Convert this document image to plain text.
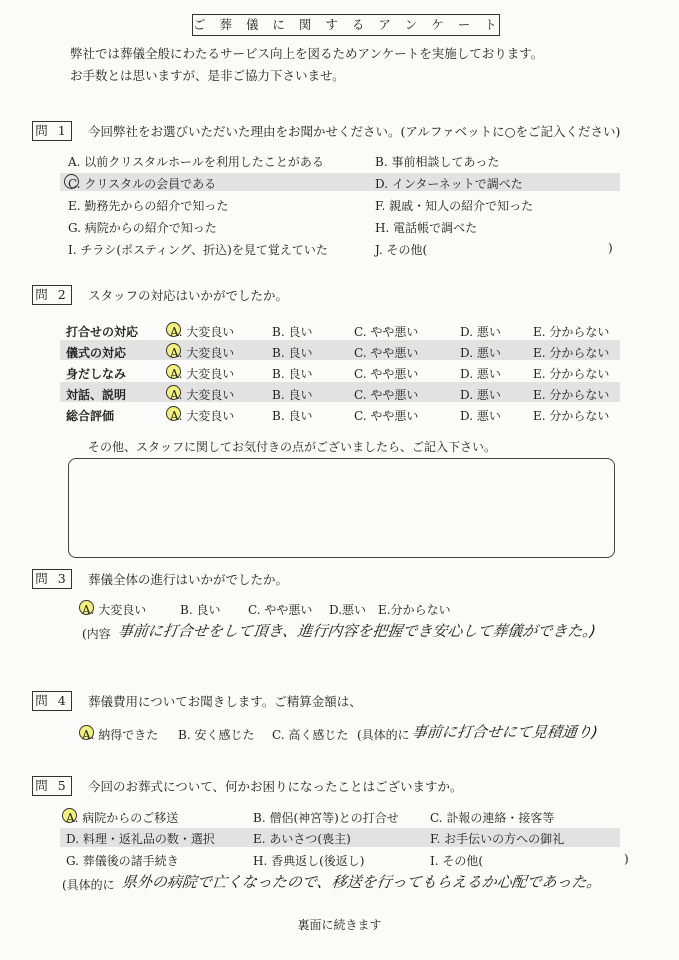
ご 葬 儀 に 関 す る ア ン ケ ー ト
弊社では葬儀全般にわたるサービス向上を図るためアンケートを実施しております。
お手数とは思いますが、是非ご協力下さいませ。
問 1 今回弊社をお選びいただいた理由をお聞かせください。(アルファベットに○をご記入ください)
A. 以前クリスタルホールを利用したことがある	B. 事前相談してあった
C. クリスタルの会員である	D. インターネットで調べた
E. 勤務先からの紹介で知った	F. 親戚・知人の紹介で知った
G. 病院からの紹介で知った	H. 電話帳で調べた
I. チラシ(ポスティング、折込)を見て覚えていた	J. その他(	)
問 2 スタッフの対応はいかがでしたか。
打合せの対応	A. 大変良い	B. 良い	C. やや悪い	D. 悪い	E. 分からない
儀式の対応	A. 大変良い	B. 良い	C. やや悪い	D. 悪い	E. 分からない
身だしなみ	A. 大変良い	B. 良い	C. やや悪い	D. 悪い	E. 分からない
対話、説明	A. 大変良い	B. 良い	C. やや悪い	D. 悪い	E. 分からない
総合評価	A. 大変良い	B. 良い	C. やや悪い	D. 悪い	E. 分からない
その他、スタッフに関してお気付きの点がございましたら、ご記入下さい。
問 3 葬儀全体の進行はいかがでしたか。
A. 大変良い	B. 良い C. やや悪い D.悪い E.分からない
(内容 事前に打合せをして頂き、進行内容を把握でき安心して葬儀ができた。)
問 4 葬儀費用についてお聞きします。ご精算金額は、
A. 納得できた B. 安く感じた C. 高く感じた (具体的に 事前に打合せにて見積通り)
問 5 今回のお葬式について、何かお困りになったことはございますか。
A. 病院からのご移送	B. 僧侶(神宮等)との打合せ	C. 訃報の連絡・接客等
D. 料理・返礼品の数・選択	E. あいさつ(喪主)	F. お手伝いの方への御礼
G. 葬儀後の諸手続き	H. 香典返し(後返し)	I. その他(	)
(具体的に 県外の病院で亡くなったので、移送を行ってもらえるか心配であった。
裏面に続きます
